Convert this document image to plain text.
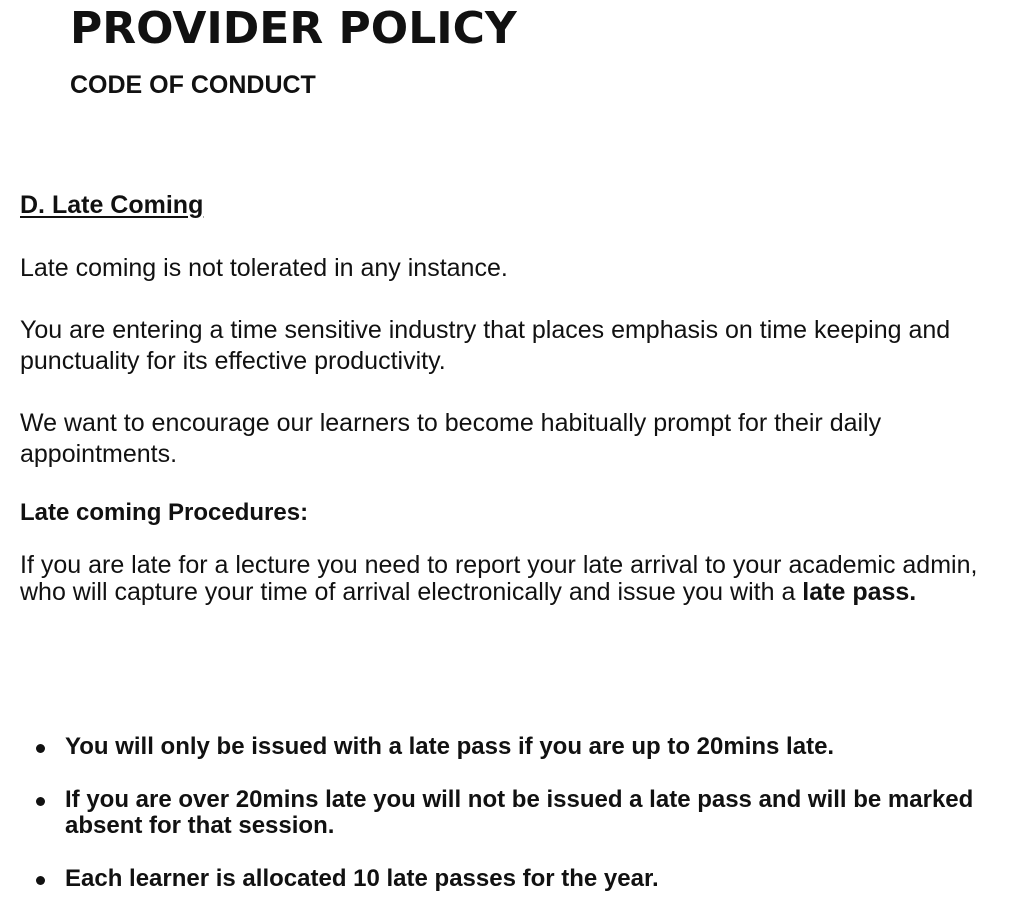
PROVIDER POLICY
CODE OF CONDUCT
D. Late Coming

Late coming is not tolerated in any instance.

You are entering a time sensitive industry that places emphasis on time keeping and punctuality for its effective productivity.

We want to encourage our learners to become habitually prompt for their daily appointments.

Late coming Procedures:

If you are late for a lecture you need to report your late arrival to your academic admin, who will capture your time of arrival electronically and issue you with a late pass.

You will only be issued with a late pass if you are up to 20mins late.
If you are over 20mins late you will not be issued a late pass and will be marked absent for that session.
Each learner is allocated 10 late passes for the year.
